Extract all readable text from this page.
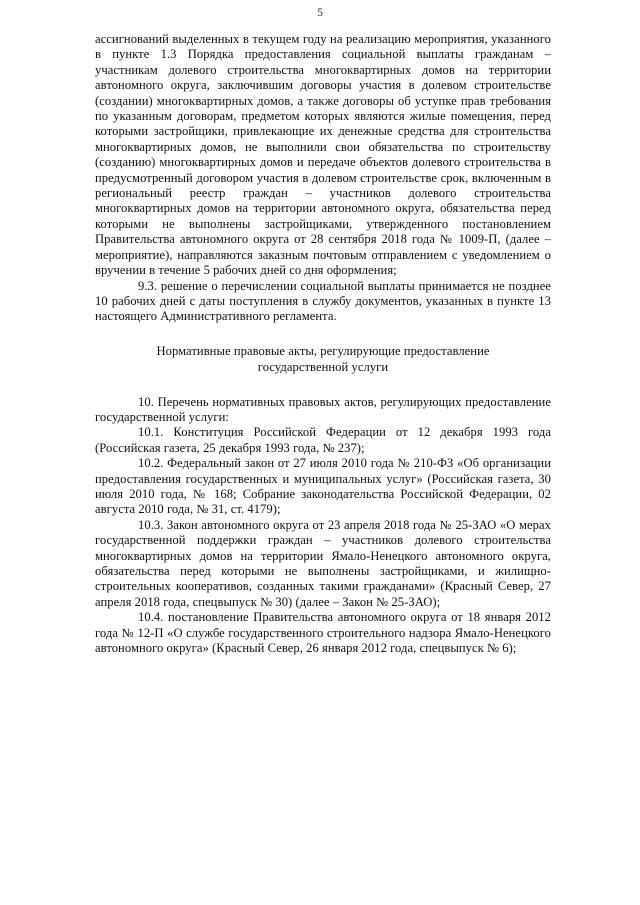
5

ассигнований выделенных в текущем году на реализацию мероприятия, указанного в пункте 1.3 Порядка предоставления социальной выплаты гражданам – участникам долевого строительства многоквартирных домов на территории автономного округа, заключившим договоры участия в долевом строительстве (создании) многоквартирных домов, а также договоры об уступке прав требования по указанным договорам, предметом которых являются жилые помещения, перед которыми застройщики, привлекающие их денежные средства для строительства многоквартирных домов, не выполнили свои обязательства по строительству (созданию) многоквартирных домов и передаче объектов долевого строительства в предусмотренный договором участия в долевом строительстве срок, включенным в региональный реестр граждан – участников долевого строительства многоквартирных домов на территории автономного округа, обязательства перед которыми не выполнены застройщиками, утвержденного постановлением Правительства автономного округа от 28 сентября 2018 года № 1009-П, (далее – мероприятие), направляются заказным почтовым отправлением с уведомлением о вручении в течение 5 рабочих дней со дня оформления;

9.3. решение о перечислении социальной выплаты принимается не позднее 10 рабочих дней с даты поступления в службу документов, указанных в пункте 13 настоящего Административного регламента.

Нормативные правовые акты, регулирующие предоставление государственной услуги

10. Перечень нормативных правовых актов, регулирующих предоставление государственной услуги:

10.1. Конституция Российской Федерации от 12 декабря 1993 года (Российская газета, 25 декабря 1993 года, № 237);

10.2. Федеральный закон от 27 июля 2010 года № 210-ФЗ «Об организации предоставления государственных и муниципальных услуг» (Российская газета, 30 июля 2010 года, № 168; Собрание законодательства Российской Федерации, 02 августа 2010 года, № 31, ст. 4179);

10.3. Закон автономного округа от 23 апреля 2018 года № 25-ЗАО «О мерах государственной поддержки граждан – участников долевого строительства многоквартирных домов на территории Ямало-Ненецкого автономного округа, обязательства перед которыми не выполнены застройщиками, и жилищно-строительных кооперативов, созданных такими гражданами» (Красный Север, 27 апреля 2018 года, спецвыпуск № 30) (далее – Закон № 25-ЗАО);

10.4. постановление Правительства автономного округа от 18 января 2012 года № 12-П «О службе государственного строительного надзора Ямало-Ненецкого автономного округа» (Красный Север, 26 января 2012 года, спецвыпуск № 6);
